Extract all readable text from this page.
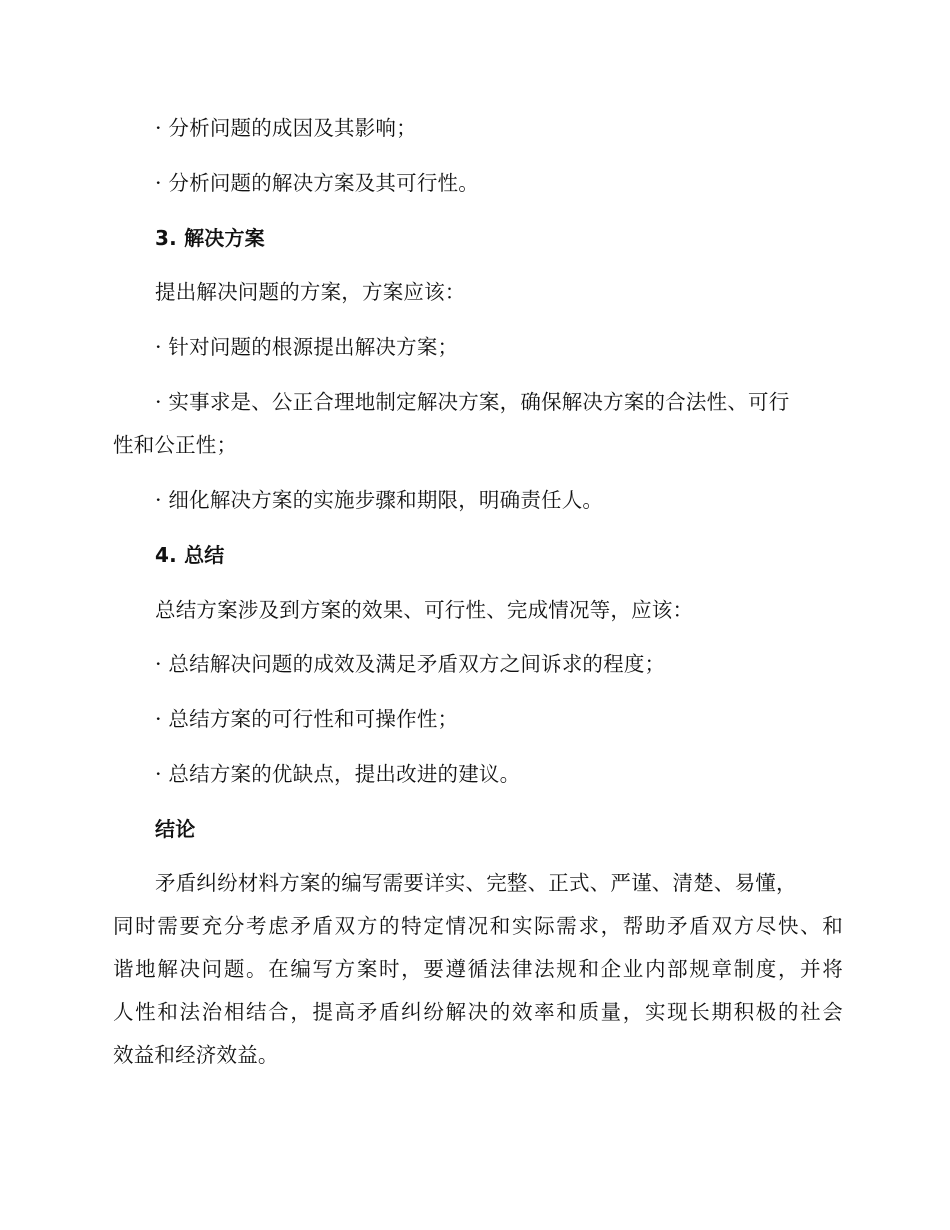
· 分析问题的成因及其影响；
· 分析问题的解决方案及其可行性。
3. 解决方案
提出解决问题的方案，方案应该：
· 针对问题的根源提出解决方案；
· 实事求是、公正合理地制定解决方案，确保解决方案的合法性、可行
性和公正性；
· 细化解决方案的实施步骤和期限，明确责任人。
4. 总结
总结方案涉及到方案的效果、可行性、完成情况等，应该：
· 总结解决问题的成效及满足矛盾双方之间诉求的程度；
· 总结方案的可行性和可操作性；
· 总结方案的优缺点，提出改进的建议。
结论
矛盾纠纷材料方案的编写需要详实、完整、正式、严谨、清楚、易懂，
同时需要充分考虑矛盾双方的特定情况和实际需求，帮助矛盾双方尽快、和
谐地解决问题。在编写方案时，要遵循法律法规和企业内部规章制度，并将
人性和法治相结合，提高矛盾纠纷解决的效率和质量，实现长期积极的社会
效益和经济效益。
